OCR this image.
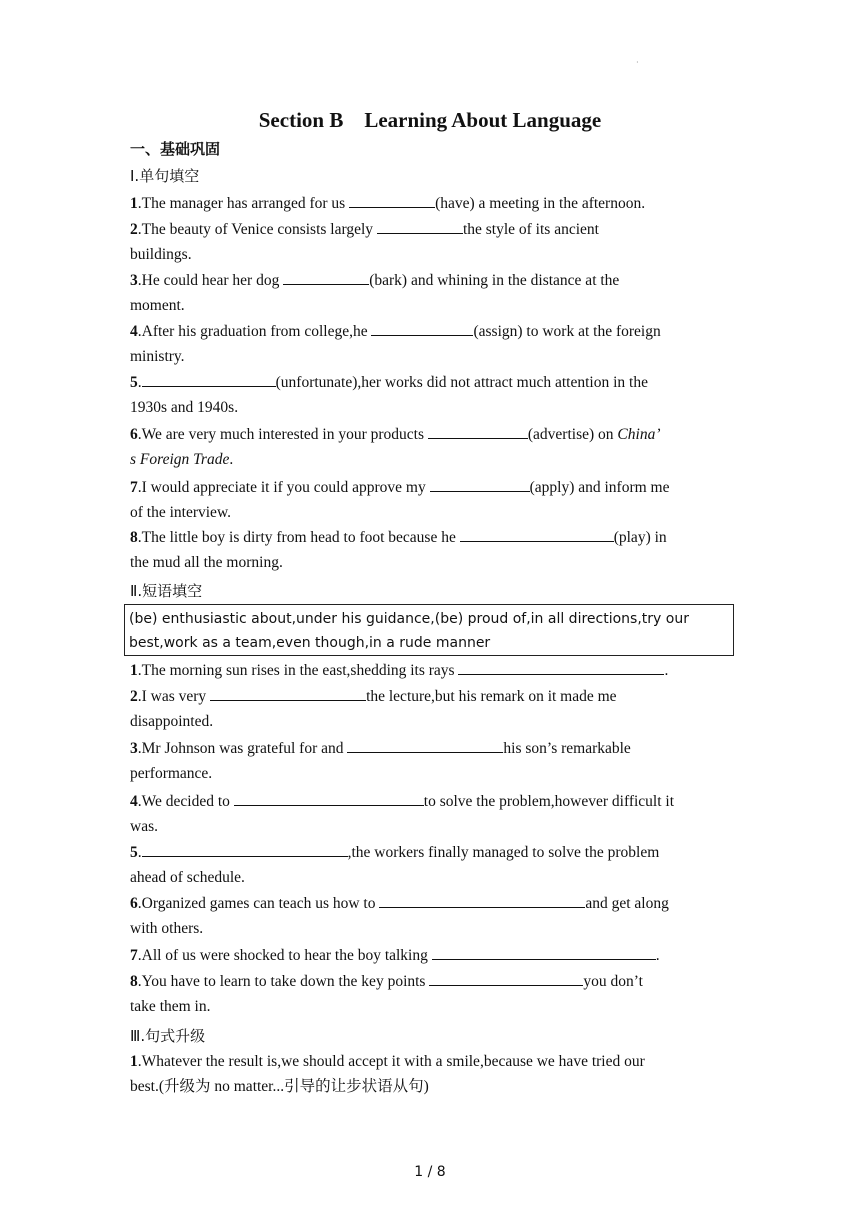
·
Section B　Learning About Language
一、基础巩固
Ⅰ.单句填空
1.The manager has arranged for us	(have) a meeting in the afternoon.
2.The beauty of Venice consists largely	the style of its ancient
buildings.
3.He could hear her dog	(bark) and whining in the distance at the
moment.
4.After his graduation from college,he	(assign) to work at the foreign
ministry.
5.	(unfortunate),her works did not attract much attention in the
1930s and 1940s.
6.We are very much interested in your products	(advertise) on China’
s Foreign Trade.
7.I would appreciate it if you could approve my	(apply) and inform me
of the interview.
8.The little boy is dirty from head to foot because he	(play) in
the mud all the morning.
Ⅱ.短语填空
(be) enthusiastic about,under his guidance,(be) proud of,in all directions,try our
best,work as a team,even though,in a rude manner
1.The morning sun rises in the east,shedding its rays	.
2.I was very	the lecture,but his remark on it made me
disappointed.
3.Mr Johnson was grateful for and	his son’s remarkable
performance.
4.We decided to	to solve the problem,however difficult it
was.
5.	,the workers finally managed to solve the problem
ahead of schedule.
6.Organized games can teach us how to	and get along
with others.
7.All of us were shocked to hear the boy talking	.
8.You have to learn to take down the key points	you don’t
take them in.
Ⅲ.句式升级
1.Whatever the result is,we should accept it with a smile,because we have tried our
best.(升级为 no matter...引导的让步状语从句)
1 / 8
